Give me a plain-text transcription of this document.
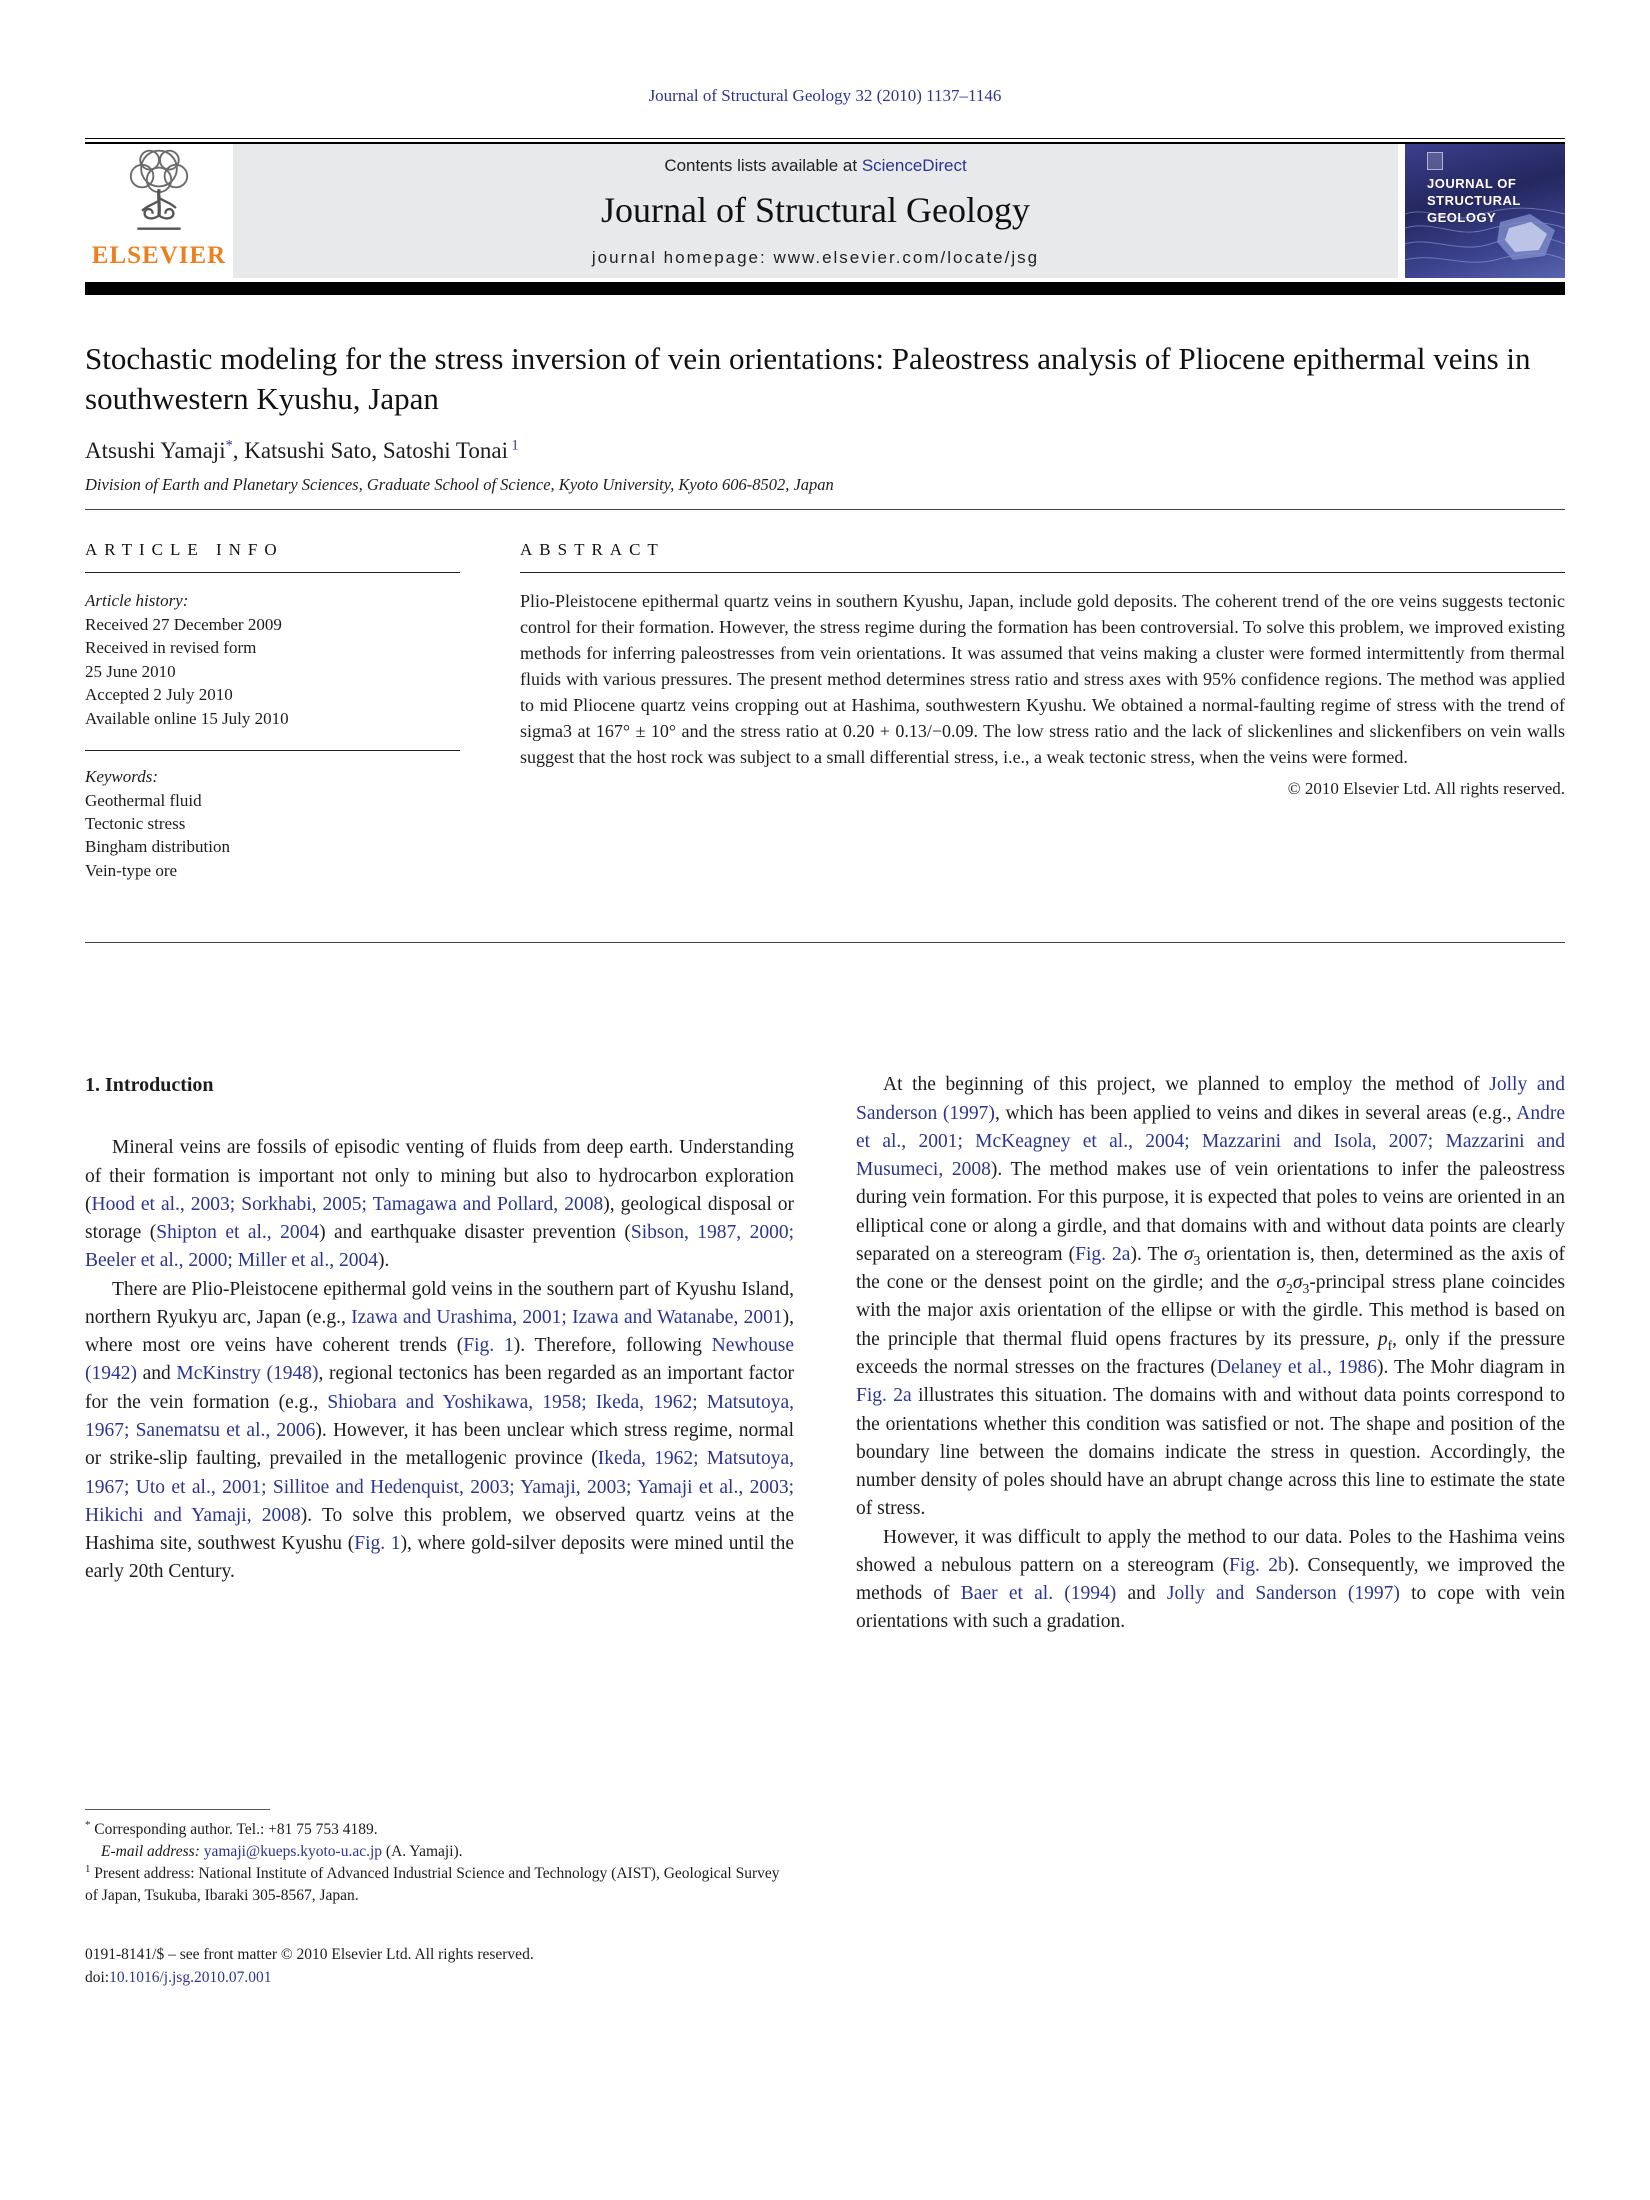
Journal of Structural Geology 32 (2010) 1137–1146
ELSEVIER
Contents lists available at ScienceDirect
Journal of Structural Geology
journal homepage: www.elsevier.com/locate/jsg
JOURNAL OF
STRUCTURAL
GEOLOGY
Stochastic modeling for the stress inversion of vein orientations: Paleostress analysis of Pliocene epithermal veins in southwestern Kyushu, Japan
Atsushi Yamaji*, Katsushi Sato, Satoshi Tonai $^1$
Division of Earth and Planetary Sciences, Graduate School of Science, Kyoto University, Kyoto 606-8502, Japan
ARTICLE INFO
Article history:
Received 27 December 2009
Received in revised form
25 June 2010
Accepted 2 July 2010
Available online 15 July 2010
Keywords:
Geothermal fluid
Tectonic stress
Bingham distribution
Vein-type ore
ABSTRACT
Plio-Pleistocene epithermal quartz veins in southern Kyushu, Japan, include gold deposits. The coherent trend of the ore veins suggests tectonic control for their formation. However, the stress regime during the formation has been controversial. To solve this problem, we improved existing methods for inferring paleostresses from vein orientations. It was assumed that veins making a cluster were formed intermittently from thermal fluids with various pressures. The present method determines stress ratio and stress axes with 95% confidence regions. The method was applied to mid Pliocene quartz veins cropping out at Hashima, southwestern Kyushu. We obtained a normal-faulting regime of stress with the trend of sigma3 at 167° ± 10° and the stress ratio at 0.20 + 0.13/−0.09. The low stress ratio and the lack of slickenlines and slickenfibers on vein walls suggest that the host rock was subject to a small differential stress, i.e., a weak tectonic stress, when the veins were formed.
© 2010 Elsevier Ltd. All rights reserved.
1. Introduction

Mineral veins are fossils of episodic venting of fluids from deep earth. Understanding of their formation is important not only to mining but also to hydrocarbon exploration (Hood et al., 2003; Sorkhabi, 2005; Tamagawa and Pollard, 2008), geological disposal or storage (Shipton et al., 2004) and earthquake disaster prevention (Sibson, 1987, 2000; Beeler et al., 2000; Miller et al., 2004).

There are Plio-Pleistocene epithermal gold veins in the southern part of Kyushu Island, northern Ryukyu arc, Japan (e.g., Izawa and Urashima, 2001; Izawa and Watanabe, 2001), where most ore veins have coherent trends (Fig. 1). Therefore, following Newhouse (1942) and McKinstry (1948), regional tectonics has been regarded as an important factor for the vein formation (e.g., Shiobara and Yoshikawa, 1958; Ikeda, 1962; Matsutoya, 1967; Sanematsu et al., 2006). However, it has been unclear which stress regime, normal or strike-slip faulting, prevailed in the metallogenic province (Ikeda, 1962; Matsutoya, 1967; Uto et al., 2001; Sillitoe and Hedenquist, 2003; Yamaji, 2003; Yamaji et al., 2003; Hikichi and Yamaji, 2008). To solve this problem, we observed quartz veins at the Hashima site, southwest Kyushu (Fig. 1), where gold-silver deposits were mined until the early 20th Century.

* Corresponding author. Tel.: +81 75 753 4189.

E-mail address: yamaji@kueps.kyoto-u.ac.jp (A. Yamaji).

$^1$ Present address: National Institute of Advanced Industrial Science and Technology (AIST), Geological Survey of Japan, Tsukuba, Ibaraki 305-8567, Japan.

0191-8141/$ – see front matter © 2010 Elsevier Ltd. All rights reserved.
doi:10.1016/j.jsg.2010.07.001

At the beginning of this project, we planned to employ the method of Jolly and Sanderson (1997), which has been applied to veins and dikes in several areas (e.g., Andre et al., 2001; McKeagney et al., 2004; Mazzarini and Isola, 2007; Mazzarini and Musumeci, 2008). The method makes use of vein orientations to infer the paleostress during vein formation. For this purpose, it is expected that poles to veins are oriented in an elliptical cone or along a girdle, and that domains with and without data points are clearly separated on a stereogram (Fig. 2a). The $\sigma_3$ orientation is, then, determined as the axis of the cone or the densest point on the girdle; and the $\sigma_2\sigma_3$-principal stress plane coincides with the major axis orientation of the ellipse or with the girdle. This method is based on the principle that thermal fluid opens fractures by its pressure, $p_f$, only if the pressure exceeds the normal stresses on the fractures (Delaney et al., 1986). The Mohr diagram in Fig. 2a illustrates this situation. The domains with and without data points correspond to the orientations whether this condition was satisfied or not. The shape and position of the boundary line between the domains indicate the stress in question. Accordingly, the number density of poles should have an abrupt change across this line to estimate the state of stress.

However, it was difficult to apply the method to our data. Poles to the Hashima veins showed a nebulous pattern on a stereogram (Fig. 2b). Consequently, we improved the methods of Baer et al. (1994) and Jolly and Sanderson (1997) to cope with vein orientations with such a gradation.
